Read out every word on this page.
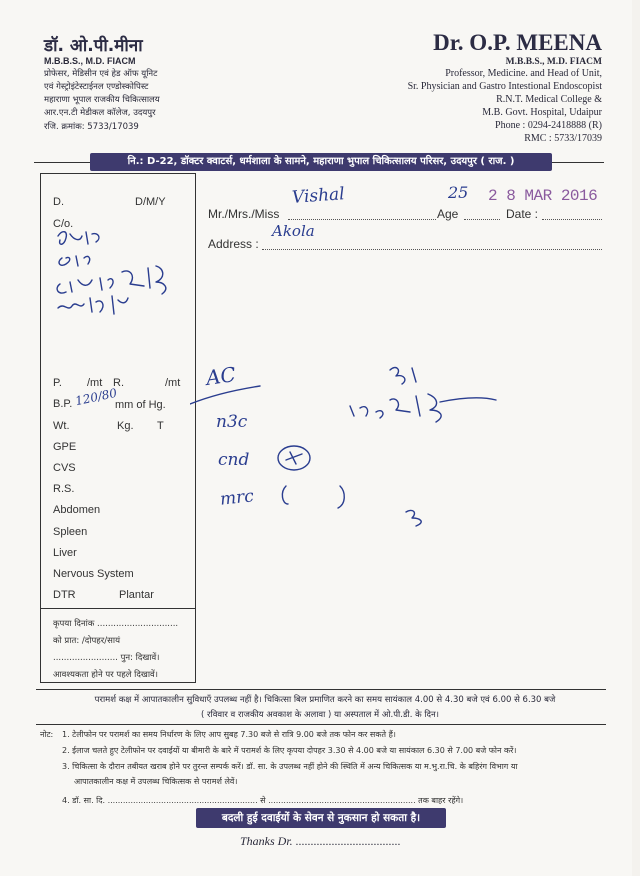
डॉ. ओ.पी.मीना
M.B.B.S., M.D. FIACM
प्रोफेसर, मेडिसीन एवं हेड ऑफ यूनिट
एवं गेस्ट्रोइंटेस्टाईनल एण्डोस्कोपिस्ट
महाराणा भूपाल राजकीय चिकित्सालय
आर.एन.टी मेडीकल कॉलेज, उदयपुर
रजि. क्रमांक: 5733/17039
Dr. O.P. MEENA
M.B.B.S., M.D. FIACM
Professor, Medicine. and Head of Unit,
Sr. Physician and Gastro Intestional Endoscopist
R.N.T. Medical College &
M.B. Govt. Hospital, Udaipur
Phone : 0294-2418888 (R)
RMC : 5733/17039
नि.: D-22, डॉक्टर क्वाटर्स, धर्मशाला के सामने, महाराणा भुपाल चिकित्सालय परिसर, उदयपुर ( राज. )
D.	D/M/Y
C/o.
P. /mt R.	/mt
B.P. 120/80
mm of Hg.
Wt.	Kg. T
GPE
CVS
R.S.
Abdomen
Spleen
Liver
Nervous System
DTR	Plantar
कृपया दिनांक ..............................
को प्रात: /दोपहर/सायं
........................ पुन: दिखावें।
आवश्यकता होने पर पहले दिखावें।
Mr./Mrs./Miss	Age	Date :
Address :
Vishal	25 2 8 MAR 2016
Akola
AC
n3c
cnd
mrc
परामर्श कक्ष में आपातकालीन सुविधाएँ उपलब्ध नहीं है। चिकित्सा बिल प्रमाणित करने का समय सायंकाल 4.00 से 4.30 बजे एवं 6.00 से 6.30 बजे
( रविवार व राजकीय अवकाश के अलावा ) या अस्पताल में ओ.पी.डी. के दिन।
नोट: 1. टेलीफोन पर परामर्श का समय निर्धारण के लिए आप सुबह 7.30 बजे से रात्रि 9.00 बजे तक फोन कर सकते हैं।
2. ईलाज चलते हुए टेलीफोन पर दवाईयों या बीमारी के बारे में परामर्श के लिए कृपया दोपहर 3.30 से 4.00 बजे या सायंकाल 6.30 से 7.00 बजे फोन करें।
3. चिकित्सा के दौरान तबीयत खराब होने पर तुरन्त सम्पर्क करें। डॉ. सा. के उपलब्ध नहीं होने की स्थिति में अन्य चिकित्सक या म.भु.रा.चि. के बहिरंग विभाग या
आपातकालीन कक्ष में उपलब्ध चिकित्सक से परामर्श लेवें।
4. डॉ. सा. दि. ........................................................... से .......................................................... तक बाहर रहेंगे।
बदली हुई दवाईयों के सेवन से नुकसान हो सकता है।
Thanks Dr. ...................................
